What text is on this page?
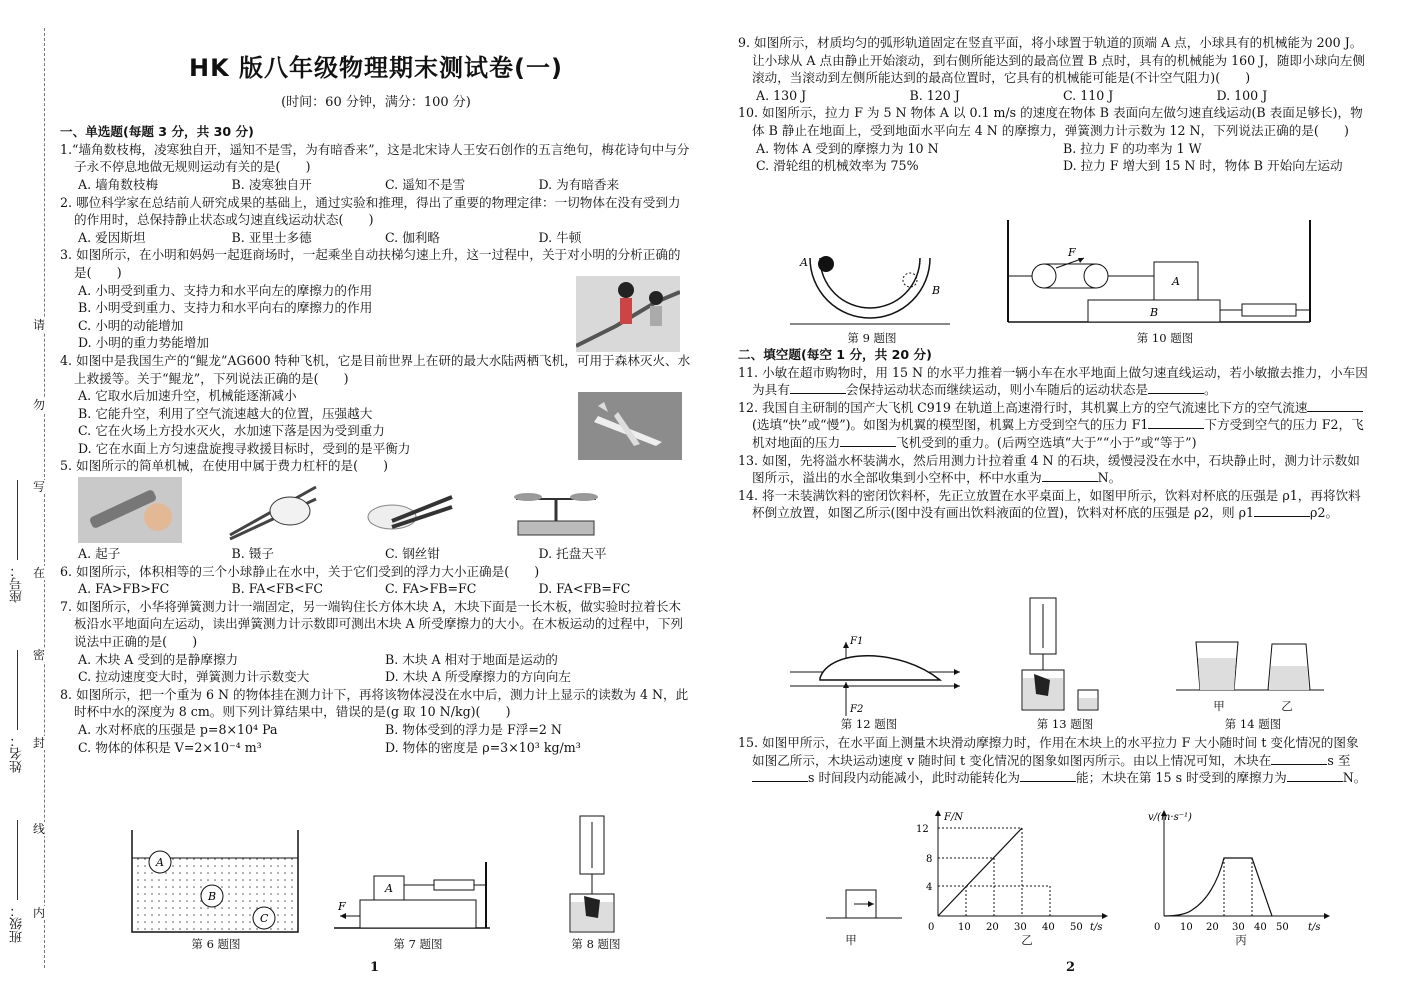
请
勿
写
在
密
封
线
内
班级：
姓名：
座号：
HK 版八年级物理期末测试卷(一)
(时间：60 分钟，满分：100 分)
一、单选题(每题 3 分，共 30 分)
1.“墙角数枝梅，凌寒独自开，遥知不是雪，为有暗香来”，这是北宋诗人王安石创作的五言绝句，梅花诗句中与分子永不停息地做无规则运动有关的是(　　)
A. 墙角数枝梅	B. 凌寒独自开	C. 遥知不是雪	D. 为有暗香来
2. 哪位科学家在总结前人研究成果的基础上，通过实验和推理，得出了重要的物理定律：一切物体在没有受到力的作用时，总保持静止状态或匀速直线运动状态(　　)
A. 爱因斯坦	B. 亚里士多德	C. 伽利略	D. 牛顿
3. 如图所示，在小明和妈妈一起逛商场时，一起乘坐自动扶梯匀速上升，这一过程中，关于对小明的分析正确的是(　　)
A. 小明受到重力、支持力和水平向左的摩擦力的作用
B. 小明受到重力、支持力和水平向右的摩擦力的作用
C. 小明的动能增加
D. 小明的重力势能增加
4. 如图中是我国生产的“鲲龙”AG600 特种飞机，它是目前世界上在研的最大水陆两栖飞机，可用于森林灭火、水上救援等。关于“鲲龙”，下列说法正确的是(　　)
A. 它取水后加速升空，机械能逐渐减小
B. 它能升空，利用了空气流速越大的位置，压强越大
C. 它在火场上方投水灭火，水加速下落是因为受到重力
D. 它在水面上方匀速盘旋搜寻救援目标时，受到的是平衡力
5. 如图所示的简单机械，在使用中属于费力杠杆的是(　　)
A. 起子	B. 镊子	C. 钢丝钳	D. 托盘天平
6. 如图所示，体积相等的三个小球静止在水中，关于它们受到的浮力大小正确是(　　)
A. FA>FB>FC	B. FA<FB<FC	C. FA>FB=FC	D. FA<FB=FC
7. 如图所示，小华将弹簧测力计一端固定，另一端钩住长方体木块 A，木块下面是一长木板，做实验时拉着长木板沿水平地面向左运动，读出弹簧测力计示数即可测出木块 A 所受摩擦力的大小。在木板运动的过程中，下列说法中正确的是(　　)
A. 木块 A 受到的是静摩擦力	B. 木块 A 相对于地面是运动的
C. 拉动速度变大时，弹簧测力计示数变大	D. 木块 A 所受摩擦力的方向向左
8. 如图所示，把一个重为 6 N 的物体挂在测力计下，再将该物体浸没在水中后，测力计上显示的读数为 4 N，此时杯中水的深度为 8 cm。则下列计算结果中，错误的是(g 取 10 N/kg)(　　)
A. 水对杯底的压强是 p=8×10⁴ Pa	B. 物体受到的浮力是 F浮=2 N
C. 物体的体积是 V=2×10⁻⁴ m³	D. 物体的密度是 ρ=3×10³ kg/m³
A
B
C
第 6 题图
A
F
第 7 题图	第 8 题图
1
9. 如图所示，材质均匀的弧形轨道固定在竖直平面，将小球置于轨道的顶端 A 点，小球具有的机械能为 200 J。让小球从 A 点由静止开始滚动，到右侧所能达到的最高位置 B 点时，具有的机械能为 160 J，随即小球向左侧滚动，当滚动到左侧所能达到的最高位置时，它具有的机械能可能是(不计空气阻力)(　　)
A. 130 J	B. 120 J	C. 110 J	D. 100 J
10. 如图所示，拉力 F 为 5 N 物体 A 以 0.1 m/s 的速度在物体 B 表面向左做匀速直线运动(B 表面足够长)，物体 B 静止在地面上，受到地面水平向左 4 N 的摩擦力，弹簧测力计示数为 12 N，下列说法正确的是(　　)
A. 物体 A 受到的摩擦力为 10 N	B. 拉力 F 的功率为 1 W
C. 滑轮组的机械效率为 75%	D. 拉力 F 增大到 15 N 时，物体 B 开始向左运动
A
B
第 9 题图
B
A
F
第 10 题图
二、填空题(每空 1 分，共 20 分)
11. 小敏在超市购物时，用 15 N 的水平力推着一辆小车在水平地面上做匀速直线运动，若小敏撤去推力，小车因为具有	会保持运动状态而继续运动，则小车随后的运动状态是	。
12. 我国自主研制的国产大飞机 C919 在轨道上高速滑行时，其机翼上方的空气流速比下方的空气流速(选填“快”或“慢”)。如图为机翼的模型图，机翼上方受到空气的压力 F1	下方受到空气的压力 F2，飞机对地面的压力	飞机受到的重力。(后两空选填“大于”“小于”或“等于”)
13. 如图，先将溢水杯装满水，然后用测力计拉着重 4 N 的石块，缓慢浸没在水中，石块静止时，测力计示数如图所示，溢出的水全部收集到小空杯中，杯中水重为	N。
14. 将一未装满饮料的密闭饮料杯，先正立放置在水平桌面上，如图甲所示，饮料对杯底的压强是 ρ1，再将饮料杯倒立放置，如图乙所示(图中没有画出饮料液面的位置)，饮料对杯底的压强是 ρ2，则 ρ1	ρ2。
F1
F2
第 12 题图	第 13 题图
甲	乙
第 14 题图
15. 如图甲所示，在水平面上测量木块滑动摩擦力时，作用在木块上的水平拉力 F 大小随时间 t 变化情况的图象如图乙所示，木块运动速度 v 随时间 t 变化情况的图象如图丙所示。由以上情况可知，木块在	s 至s 时间段内动能减小，此时动能转化为	能；木块在第 15 s 时受到的摩擦力为	N。
甲
F/N
12
8
4
0 10 20 30 40 50 t/s
乙
v/(m·s⁻¹)
0 10 20 30 40 50 t/s
丙
2
